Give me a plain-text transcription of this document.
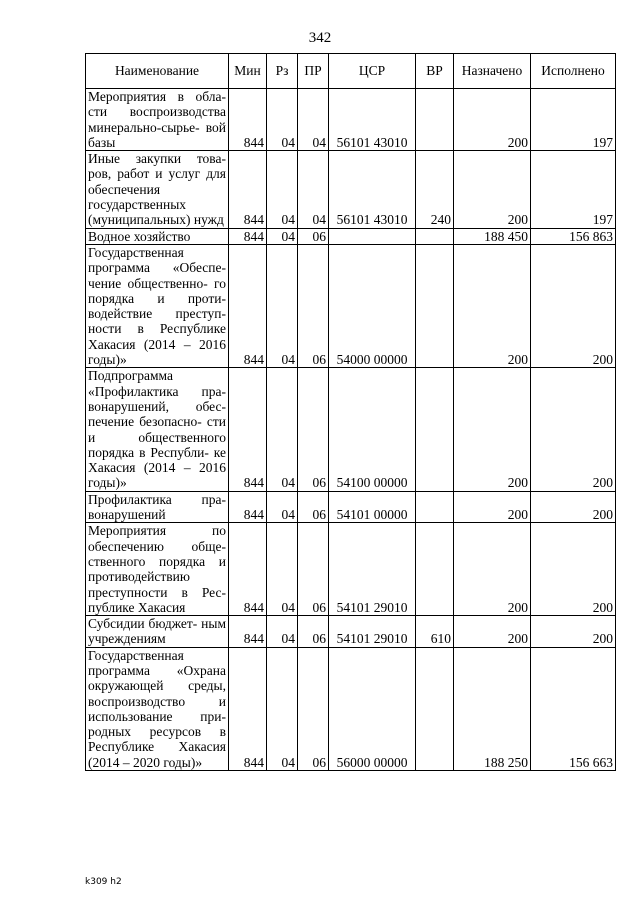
342
Наименование	Мин	Рз	ПР	ЦСР	ВР	Назначено	Исполнено
Мероприятия в обла- сти воспроизводства минерально-сырье- вой базы	844	04	04	56101 43010		200	197
Иные закупки това- ров, работ и услуг для обеспечения государственных (муниципальных) нужд	844	04	04	56101 43010	240	200	197
Водное хозяйство	844	04	06			188 450	156 863
Государственная программа «Обеспе- чение общественно- го порядка и проти- водействие преступ- ности в Республике Хакасия (2014 – 2016 годы)»	844	04	06	54000 00000		200	200
Подпрограмма «Профилактика пра- вонарушений, обес- печение безопасно- сти и общественного порядка в Республи- ке Хакасия (2014 – 2016 годы)»	844	04	06	54100 00000		200	200
Профилактика пра- вонарушений	844	04	06	54101 00000		200	200
Мероприятия по обеспечению обще- ственного порядка и противодействию преступности в Рес- публике Хакасия	844	04	06	54101 29010		200	200
Субсидии бюджет- ным учреждениям	844	04	06	54101 29010	610	200	200
Государственная программа «Охрана окружающей среды, воспроизводство и использование при- родных ресурсов в Республике Хакасия (2014 – 2020 годы)»	844	04	06	56000 00000		188 250	156 663
k309 h2
